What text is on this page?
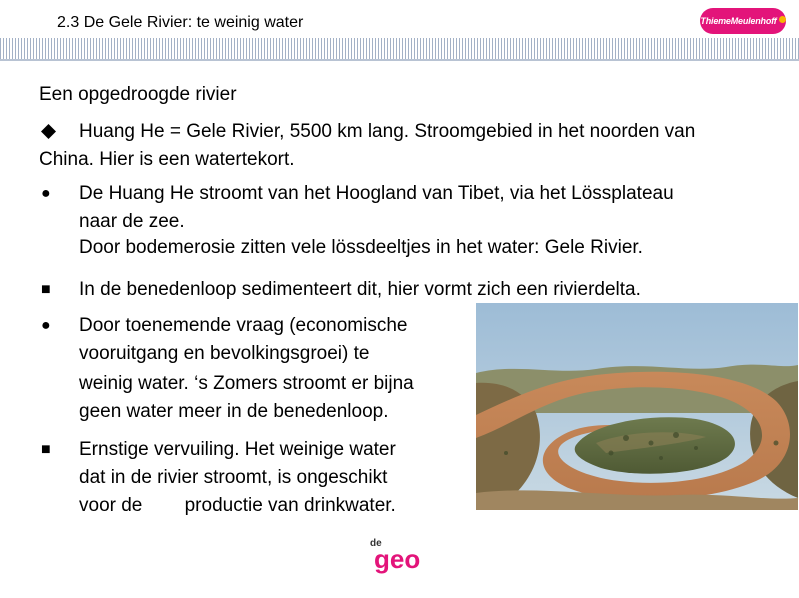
2.3 De Gele Rivier: te weinig water	ThiemeMeulenhoff
Een opgedroogde rivier
Huang He = Gele Rivier, 5500 km lang. Stroomgebied in het noorden van
China. Hier is een watertekort.
● De Huang He stroomt van het Hoogland van Tibet, via het Lössplateau
naar de zee.
Door bodemerosie zitten vele lössdeeltjes in het water: Gele Rivier.
■ In de benedenloop sedimenteert dit, hier vormt zich een rivierdelta.
● Door toenemende vraag (economische
vooruitgang en bevolkingsgroei) te
weinig water. ‘s Zomers stroomt er bijna
geen water meer in de benedenloop.
■ Ernstige vervuiling. Het weinige water
dat in de rivier stroomt, is ongeschikt
voor de        productie van drinkwater.
de
geo
